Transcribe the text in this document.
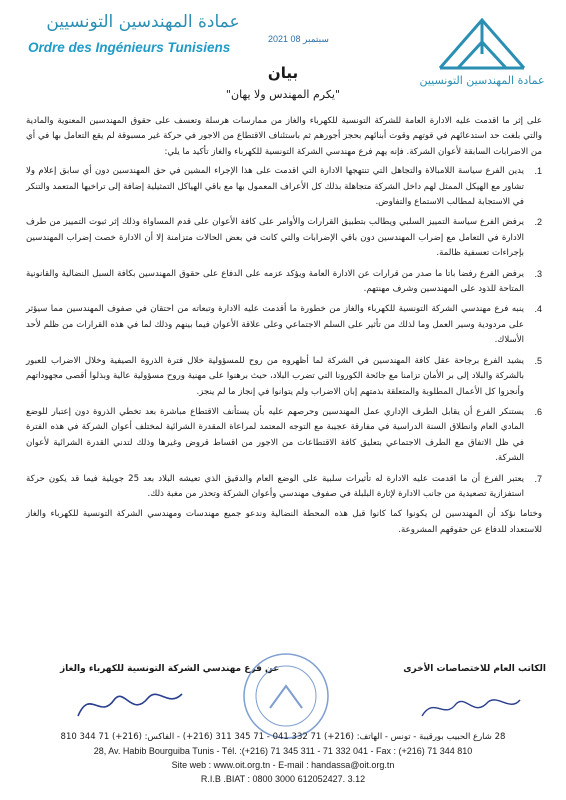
عمادة المهندسين التونسيين
Ordre des Ingénieurs Tunisiens
2021 سبتمبر 08
عمادة المهندسين التونسيين
بيان
"يكرم المهندس ولا يهان"

على إثر ما اقدمت عليه الادارة العامة للشركة التونسية للكهرباء والغاز من ممارسات هرسلة وتعسف على حقوق المهندسين المعنوية والمادية والتي بلغت حد استدعائهم في قوتهم وقوت أبنائهم بحجز أجورهم ثم باستئناف الاقتطاع من الاجور في حركة غير مسبوقة لم يقع التعامل بها في أي من الاضرابات السابقة لأعوان الشركة. فإنه يهم فرع مهندسي الشركة التونسية للكهرباء والغاز تأكيد ما يلي:

1.
يدين الفرع سياسة اللامبالاة والتجاهل التي تنتهجها الادارة التي اقدمت على هذا الإجراء المشين في حق المهندسين دون أي سابق إعلام ولا تشاور مع الهيكل الممثل لهم داخل الشركة متجاهلة بذلك كل الأعراف المعمول بها مع باقي الهياكل التمثيلية إضافة إلى تراخيها المتعمد والتنكر في الاستجابة لمطالب الاستماع والتفاوض.
2.
يرفض الفرع سياسة التمييز السلبي ويطالب بتطبيق القرارات والأوامر على كافة الأعوان على قدم المساواة وذلك إثر ثبوت التمييز من طرف الادارة في التعامل مع إضراب المهندسين دون باقي الإضرابات والتي كانت في بعض الحالات متزامنة إلا أن الادارة خصت إضراب المهندسين بإجراءات تعسفية ظالمة.
3.
يرفض الفرع رفضا باتا ما صدر من قرارات عن الادارة العامة ويؤكد عزمه على الدفاع على حقوق المهندسين بكافة السبل النضالية والقانونية المتاحة للذود على المهندسين وشرف مهنتهم.
4.
ينبه فرع مهندسي الشركة التونسية للكهرباء والغاز من خطورة ما أقدمت عليه الادارة وتبعاته من احتقان في صفوف المهندسين مما سيؤثر على مردودية وسير العمل وما لذلك من تأثير على السلم الاجتماعي وعلى علاقة الأعوان فيما بينهم وذلك لما في هذه القرارات من ظلم لأحد الأسلاك.
5.
يشيد الفرع برجاحة عقل كافة المهندسين في الشركة لما أظهروه من روح للمسؤولية خلال فترة الذروة الصيفية وخلال الاضراب للعبور بالشركة والبلاد إلى بر الأمان تزامنا مع جائحة الكورونا التي تضرب البلاد، حيث برهنوا على مهنية وروح مسؤولية عالية وبذلوا أقصى مجهوداتهم وأنجزوا كل الأعمال المطلوبة والمتعلقة بذمتهم إبان الاضراب ولم يتوانوا في إنجاز ما لم ينجز.
6.
يستنكر الفرع أن يقابل الطرف الإداري عمل المهندسين وحرصهم عليه بأن يستأنف الاقتطاع مباشرة بعد تخطي الذروة دون إعتبار للوضع المادي العام وانطلاق السنة الدراسية في مفارقة عجيبة مع التوجه المعتمد لمراعاة المقدرة الشرائية لمختلف أعوان الشركة في هذه الفترة في ظل الاتفاق مع الطرف الاجتماعي بتعليق كافة الاقتطاعات من الاجور من اقساط قروض وغيرها وذلك لتدني القدرة الشرائية لأعوان الشركة.
7.
يعتبر الفرع أن ما اقدمت عليه الادارة له تأثيرات سلبية على الوضع العام والدقيق الذي تعيشه البلاد بعد 25 جويلية فيما قد يكون حركة استفزازية تصعيدية من جانب الادارة لإثارة البلبلة في صفوف مهندسي وأعوان الشركة وتحذر من مغبة ذلك.

وختاما نؤكد أن المهندسين لن يكونوا كما كانوا قبل هذه المحطة النضالية وندعو جميع مهندسات ومهندسي الشركة التونسية للكهرباء والغاز للاستعداد للدفاع عن حقوقهم المشروعة.

عن فرع مهندسي الشركة التونسية للكهرباء والغاز	الكاتب العام للاختصاصات الأخرى
28 شارع الحبيب بورقيبة - تونس - الهاتف: (216+) 71 332 041 - 71 345 311 (216+) - الفاكس: (216+) 71 344 810
28, Av. Habib Bourguiba Tunis - Tél. :(+216) 71 345 311 - 71 332 041 - Fax : (+216) 71 344 810
Site web : www.oit.org.tn - E-mail : handassa@oit.org.tn
R.I.B .BIAT : 0800 3000 612052427. 3.12
